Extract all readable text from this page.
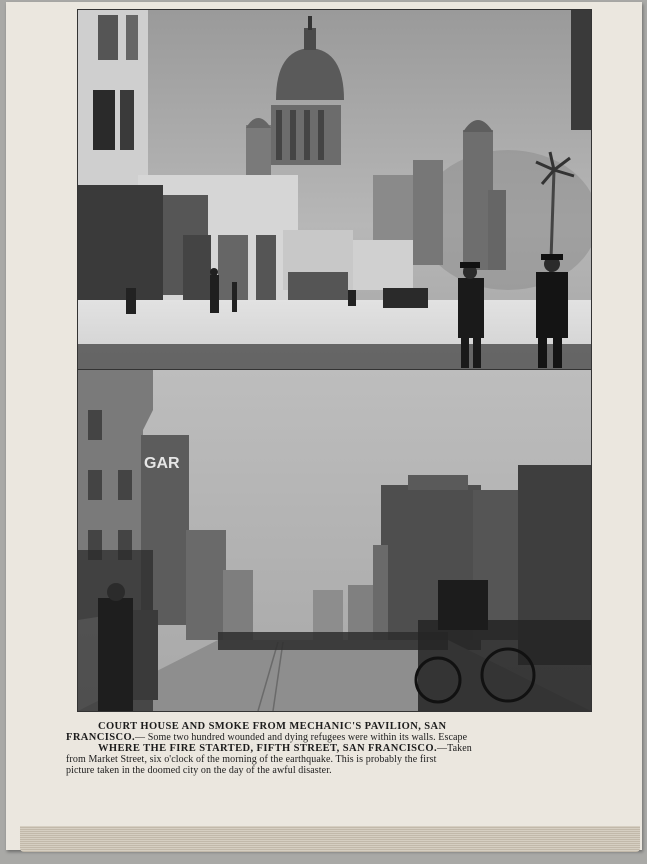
GAR
COURT HOUSE AND SMOKE FROM MECHANIC'S PAVILION, SAN
FRANCISCO.— Some two hundred wounded and dying refugees were within its walls. Escape
WHERE THE FIRE STARTED, FIFTH STREET, SAN FRANCISCO.—Taken
from Market Street, six o'clock of the morning of the earthquake. This is probably the first
picture taken in the doomed city on the day of the awful disaster.
